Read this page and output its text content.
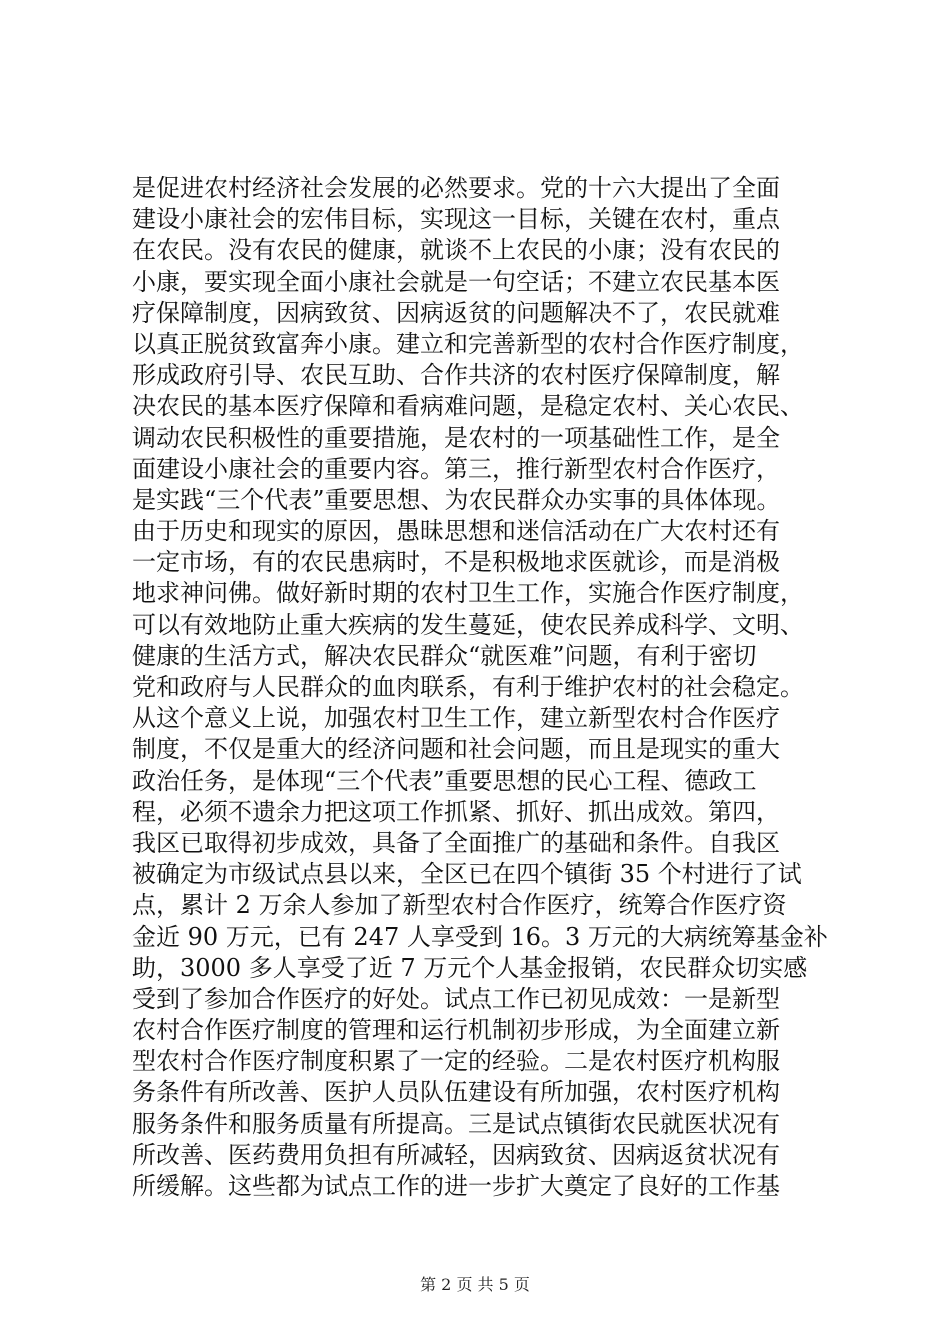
是促进农村经济社会发展的必然要求。党的十六大提出了全面
建设小康社会的宏伟目标，实现这一目标，关键在农村，重点
在农民。没有农民的健康，就谈不上农民的小康；没有农民的
小康，要实现全面小康社会就是一句空话；不建立农民基本医
疗保障制度，因病致贫、因病返贫的问题解决不了，农民就难
以真正脱贫致富奔小康。建立和完善新型的农村合作医疗制度，
形成政府引导、农民互助、合作共济的农村医疗保障制度，解
决农民的基本医疗保障和看病难问题，是稳定农村、关心农民、
调动农民积极性的重要措施，是农村的一项基础性工作，是全
面建设小康社会的重要内容。第三，推行新型农村合作医疗，
是实践“三个代表”重要思想、为农民群众办实事的具体体现。
由于历史和现实的原因，愚昧思想和迷信活动在广大农村还有
一定市场，有的农民患病时，不是积极地求医就诊，而是消极
地求神问佛。做好新时期的农村卫生工作，实施合作医疗制度，
可以有效地防止重大疾病的发生蔓延，使农民养成科学、文明、
健康的生活方式，解决农民群众“就医难”问题，有利于密切
党和政府与人民群众的血肉联系，有利于维护农村的社会稳定。
从这个意义上说，加强农村卫生工作，建立新型农村合作医疗
制度，不仅是重大的经济问题和社会问题，而且是现实的重大
政治任务，是体现“三个代表”重要思想的民心工程、德政工
程，必须不遗余力把这项工作抓紧、抓好、抓出成效。第四，
我区已取得初步成效，具备了全面推广的基础和条件。自我区
被确定为市级试点县以来，全区已在四个镇街 35 个村进行了试
点，累计 2 万余人参加了新型农村合作医疗，统筹合作医疗资
金近 90 万元，已有 247 人享受到 16。3 万元的大病统筹基金补
助，3000 多人享受了近 7 万元个人基金报销，农民群众切实感
受到了参加合作医疗的好处。试点工作已初见成效：一是新型
农村合作医疗制度的管理和运行机制初步形成，为全面建立新
型农村合作医疗制度积累了一定的经验。二是农村医疗机构服
务条件有所改善、医护人员队伍建设有所加强，农村医疗机构
服务条件和服务质量有所提高。三是试点镇街农民就医状况有
所改善、医药费用负担有所减轻，因病致贫、因病返贫状况有
所缓解。这些都为试点工作的进一步扩大奠定了良好的工作基
第 2 页 共 5 页
